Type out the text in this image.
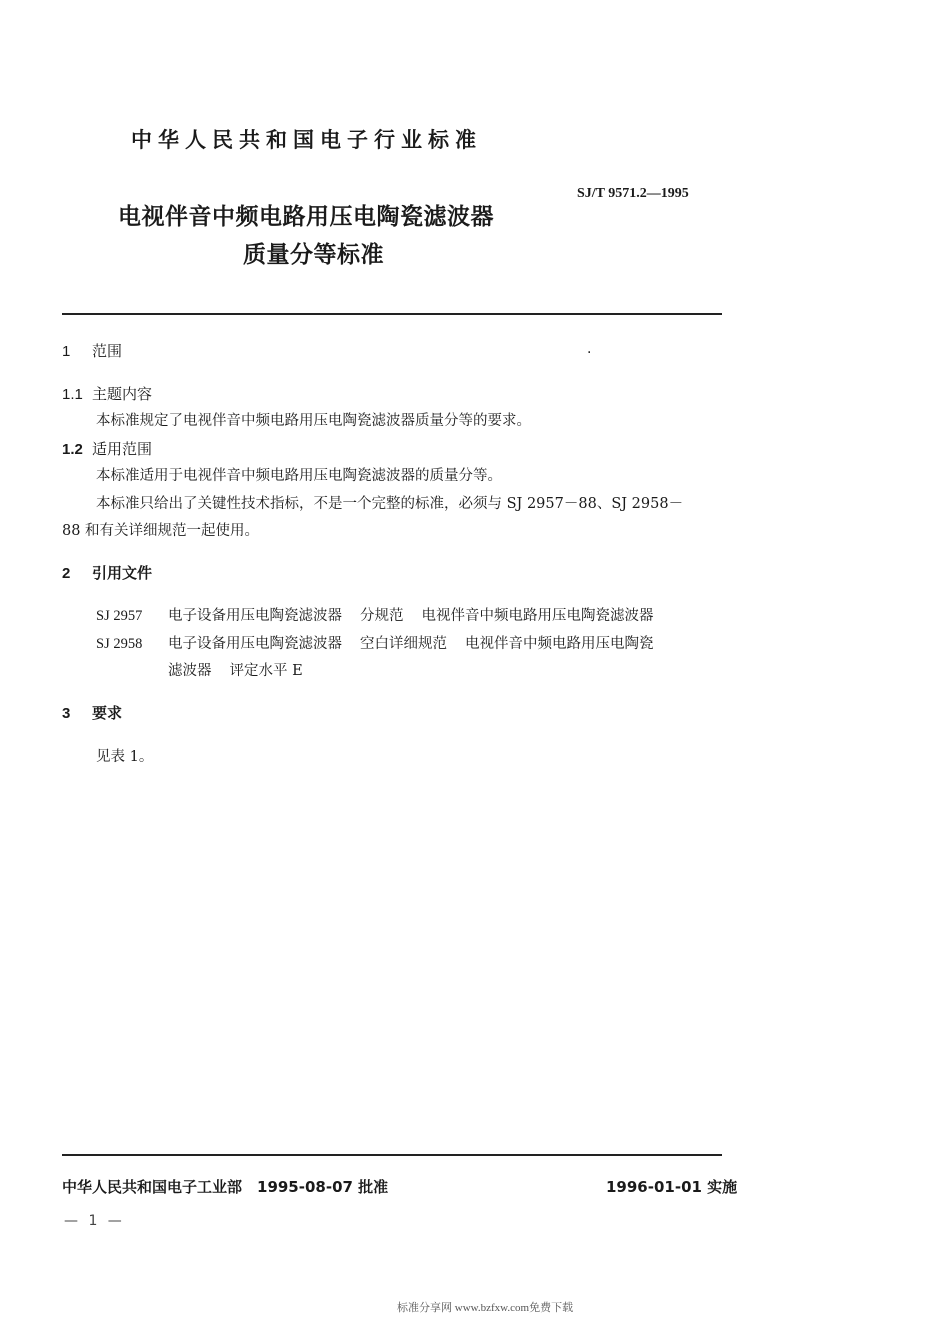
中华人民共和国电子行业标准
SJ/T 9571.2—1995
电视伴音中频电路用压电陶瓷滤波器
质量分等标准
·
1 范围
1.1 主题内容
本标准规定了电视伴音中频电路用压电陶瓷滤波器质量分等的要求。
1.2 适用范围
本标准适用于电视伴音中频电路用压电陶瓷滤波器的质量分等。
本标准只给出了关键性技术指标，不是一个完整的标准，必须与 SJ 2957－88、SJ 2958－
88 和有关详细规范一起使用。
2 引用文件
SJ 2957 电子设备用压电陶瓷滤波器 分规范 电视伴音中频电路用压电陶瓷滤波器
SJ 2958 电子设备用压电陶瓷滤波器 空白详细规范 电视伴音中频电路用压电陶瓷
滤波器 评定水平 E
3 要求
见表 1。
中华人民共和国电子工业部　1995-08-07 批准	1996-01-01 实施
— 1 —
标准分享网 www.bzfxw.com免费下载
